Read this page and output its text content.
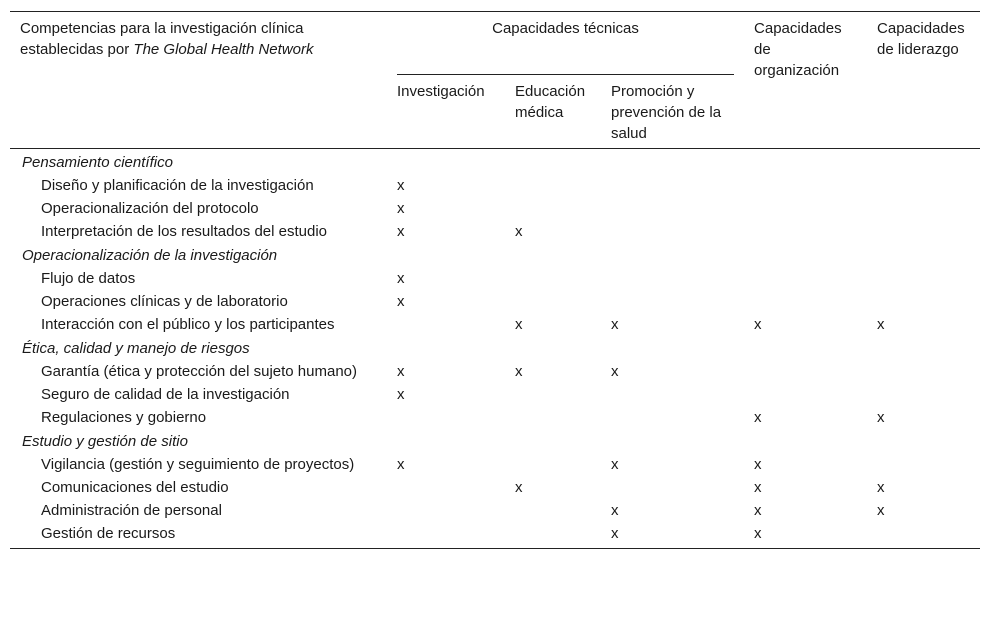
Competencias para la investigación clínica establecidas por The Global Health Network	Capacidades técnicas			Capacidades de organización	Capacidades de liderazgo
	Investigación	Educación médica	Promoción y prevención de la salud		
Pensamiento científico					
Diseño y planificación de la investigación	x				
Operacionalización del protocolo	x				
Interpretación de los resultados del estudio	x	x			
Operacionalización de la investigación					
Flujo de datos	x				
Operaciones clínicas y de laboratorio	x				
Interacción con el público y los participantes		x	x	x	x
Ética, calidad y manejo de riesgos					
Garantía (ética y protección del sujeto humano)	x	x	x		
Seguro de calidad de la investigación	x				
Regulaciones y gobierno				x	x
Estudio y gestión de sitio					
Vigilancia (gestión y seguimiento de proyectos)	x		x	x	
Comunicaciones del estudio		x		x	x
Administración de personal			x	x	x
Gestión de recursos			x	x	
